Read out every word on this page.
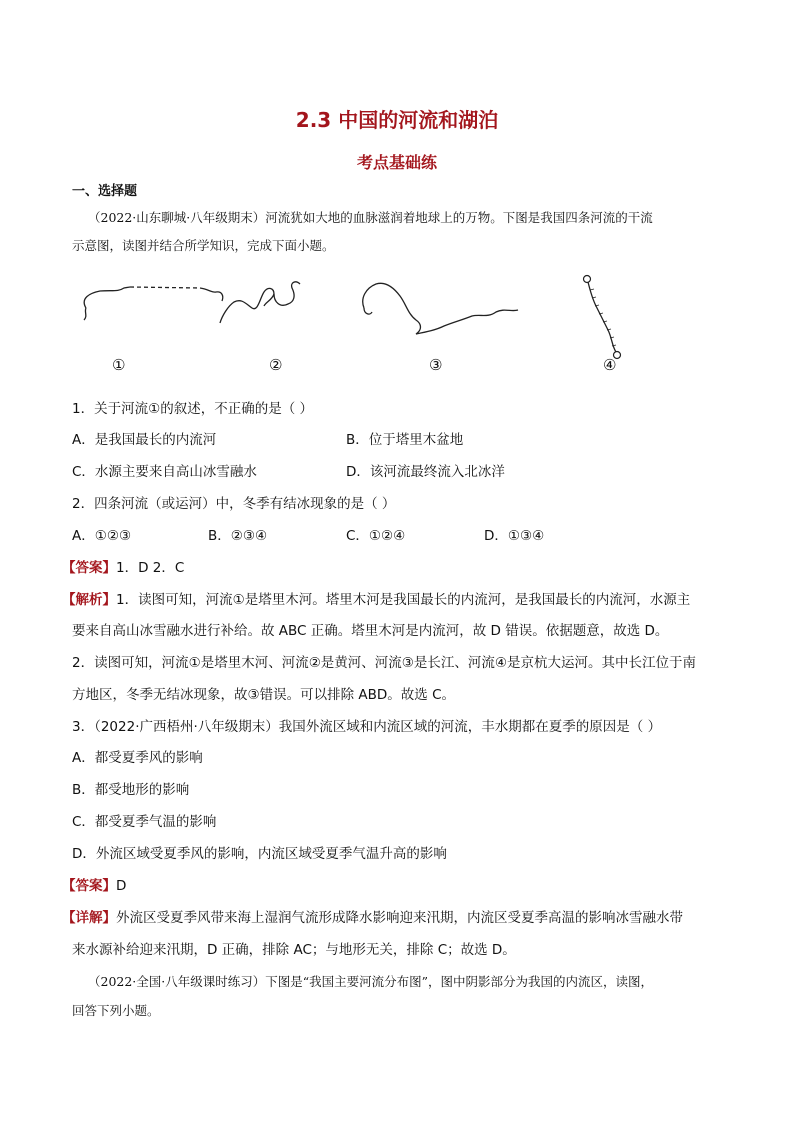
2.3 中国的河流和湖泊
考点基础练
一、选择题
（2022·山东聊城·八年级期末）河流犹如大地的血脉滋润着地球上的万物。下图是我国四条河流的干流
示意图，读图并结合所学知识，完成下面小题。
①	②	③	④
1．关于河流①的叙述，不正确的是（ ）
A．是我国最长的内流河	B．位于塔里木盆地
C．水源主要来自高山冰雪融水	D．该河流最终流入北冰洋
2．四条河流（或运河）中，冬季有结冰现象的是（ ）
A．①②③	B．②③④	C．①②④	D．①③④
【答案】1．D 2．C
【解析】1．读图可知，河流①是塔里木河。塔里木河是我国最长的内流河，是我国最长的内流河，水源主
要来自高山冰雪融水进行补给。故 ABC 正确。塔里木河是内流河，故 D 错误。依据题意，故选 D。
2．读图可知，河流①是塔里木河、河流②是黄河、河流③是长江、河流④是京杭大运河。其中长江位于南
方地区，冬季无结冰现象，故③错误。可以排除 ABD。故选 C。
3．（2022·广西梧州·八年级期末）我国外流区域和内流区域的河流，丰水期都在夏季的原因是（ ）
A．都受夏季风的影响
B．都受地形的影响
C．都受夏季气温的影响
D．外流区域受夏季风的影响，内流区域受夏季气温升高的影响
【答案】D
【详解】外流区受夏季风带来海上湿润气流形成降水影响迎来汛期，内流区受夏季高温的影响冰雪融水带
来水源补给迎来汛期，D 正确，排除 AC；与地形无关，排除 C；故选 D。
（2022·全国·八年级课时练习）下图是“我国主要河流分布图”，图中阴影部分为我国的内流区，读图，
回答下列小题。
